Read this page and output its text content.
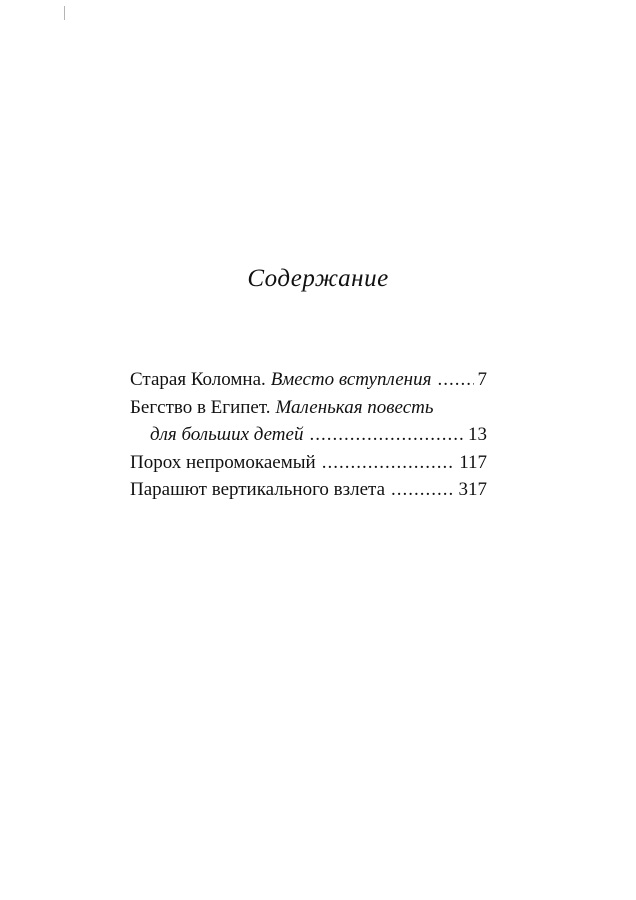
Содержание
Старая Коломна. Вместо вступления ..... 7
Бегство в Египет. Маленькая повесть
для больших детей .....	13
Порох непромокаемый .....	117
Парашют вертикального взлета .....	317
